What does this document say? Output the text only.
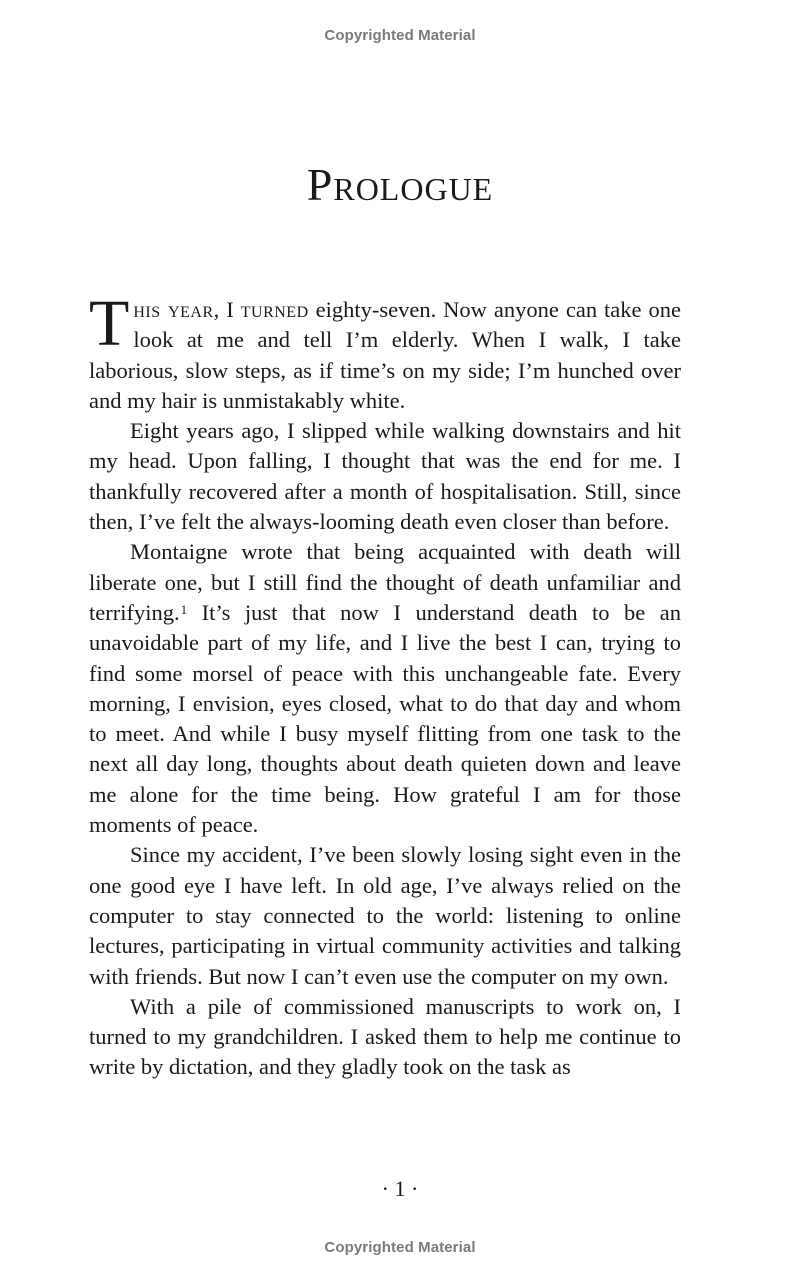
Copyrighted Material
Prologue

This year, I turned eighty-seven. Now anyone can take one look at me and tell I’m elderly. When I walk, I take laborious, slow steps, as if time’s on my side; I’m hunched over and my hair is unmistakably white.

Eight years ago, I slipped while walking downstairs and hit my head. Upon falling, I thought that was the end for me. I thankfully recovered after a month of hospitalisation. Still, since then, I’ve felt the always-looming death even closer than before.

Montaigne wrote that being acquainted with death will liberate one, but I still find the thought of death unfamiliar and terrifying.$^1$ It’s just that now I understand death to be an unavoidable part of my life, and I live the best I can, trying to find some morsel of peace with this unchangeable fate. Every morning, I envision, eyes closed, what to do that day and whom to meet. And while I busy myself flitting from one task to the next all day long, thoughts about death quieten down and leave me alone for the time being. How grateful I am for those moments of peace.

Since my accident, I’ve been slowly losing sight even in the one good eye I have left. In old age, I’ve always relied on the computer to stay connected to the world: listening to online lectures, participating in virtual community activities and talking with friends. But now I can’t even use the computer on my own.

With a pile of commissioned manuscripts to work on, I turned to my grandchildren. I asked them to help me continue to write by dictation, and they gladly took on the task as

· 1 ·
Copyrighted Material
